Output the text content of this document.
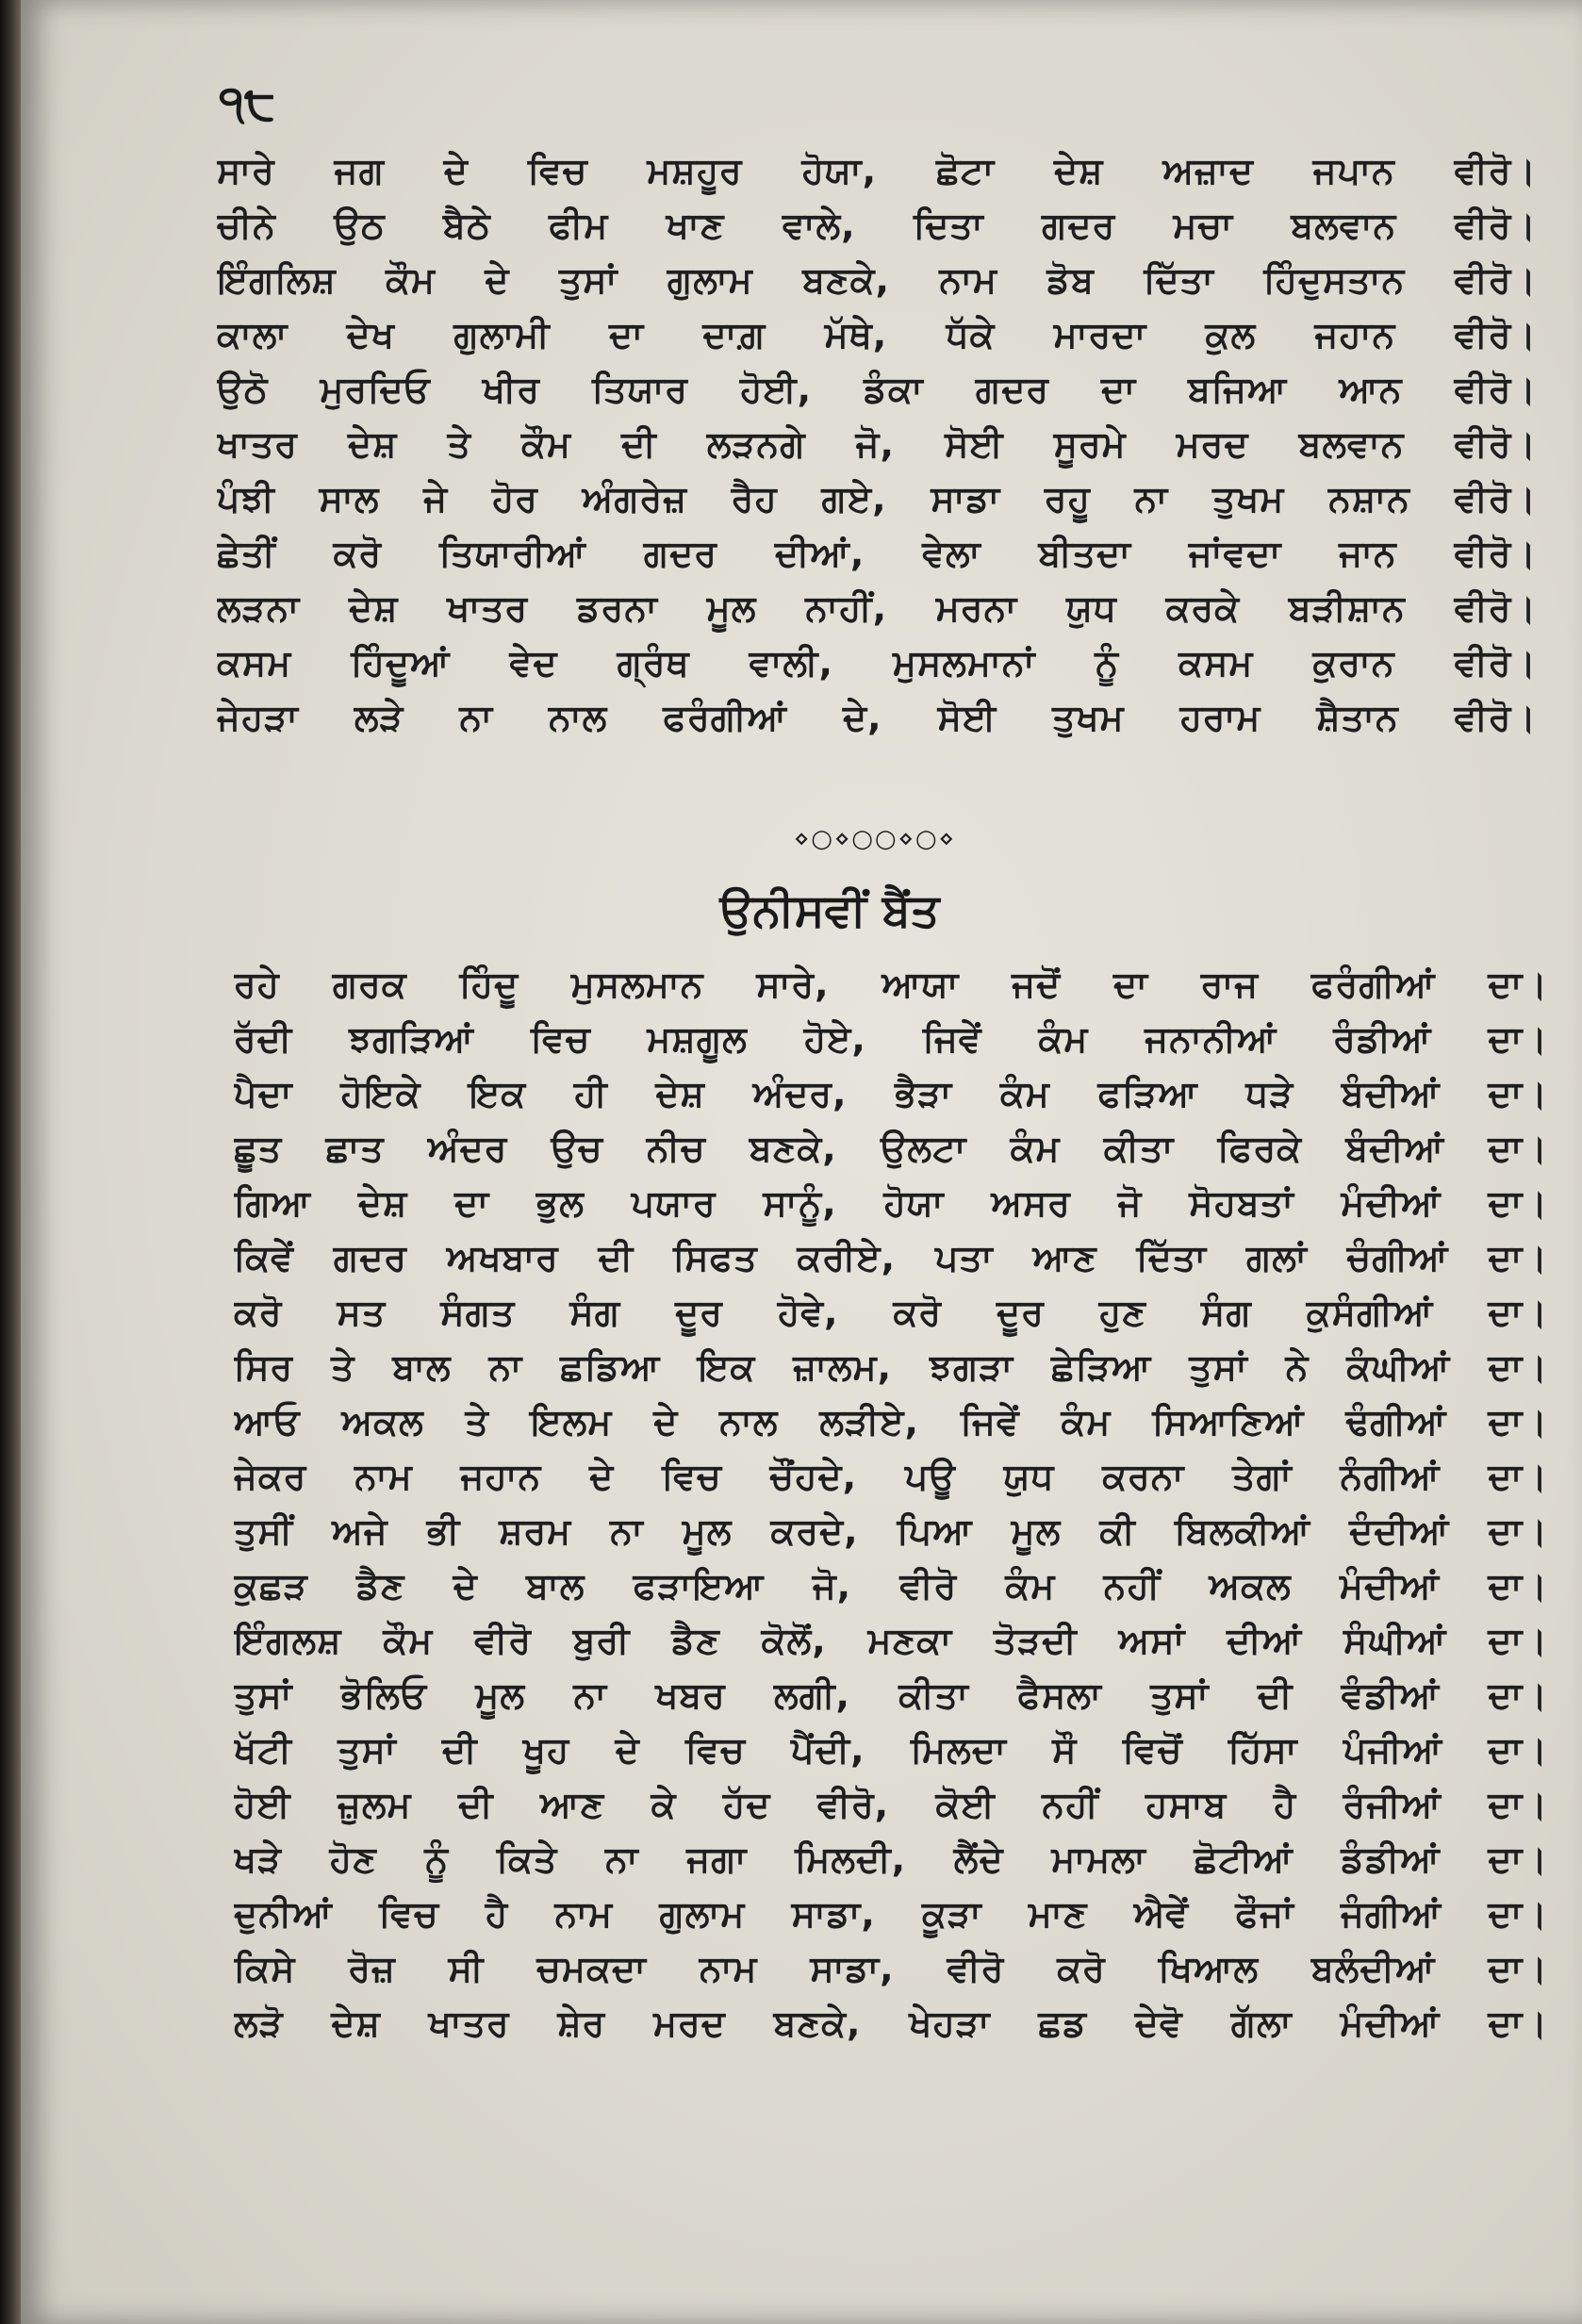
੧੮
ਸਾਰੇ ਜਗ ਦੇ ਵਿਚ ਮਸ਼ਹੂਰ ਹੋਯਾ, ਛੋਟਾ ਦੇਸ਼ ਅਜ਼ਾਦ ਜਪਾਨ ਵੀਰੋ।
ਚੀਨੇ ਉਠ ਬੈਠੇ ਫੀਮ ਖਾਣ ਵਾਲੇ, ਦਿਤਾ ਗਦਰ ਮਚਾ ਬਲਵਾਨ ਵੀਰੋ।
ਇੰਗਲਿਸ਼ ਕੌਮ ਦੇ ਤੁਸਾਂ ਗੁਲਾਮ ਬਣਕੇ, ਨਾਮ ਡੋਬ ਦਿੱਤਾ ਹਿੰਦੁਸਤਾਨ ਵੀਰੋ।
ਕਾਲਾ ਦੇਖ ਗੁਲਾਮੀ ਦਾ ਦਾਗ਼ ਮੱਥੇ, ਧੱਕੇ ਮਾਰਦਾ ਕੁਲ ਜਹਾਨ ਵੀਰੋ।
ਉਠੋ ਮੁਰਦਿਓ ਖੀਰ ਤਿਯਾਰ ਹੋਈ, ਡੰਕਾ ਗਦਰ ਦਾ ਬਜਿਆ ਆਨ ਵੀਰੋ।
ਖਾਤਰ ਦੇਸ਼ ਤੇ ਕੌਮ ਦੀ ਲੜਨਗੇ ਜੋ, ਸੋਈ ਸੂਰਮੇ ਮਰਦ ਬਲਵਾਨ ਵੀਰੋ।
ਪੰਝੀ ਸਾਲ ਜੇ ਹੋਰ ਅੰਗਰੇਜ਼ ਰੈਹ ਗਏ, ਸਾਡਾ ਰਹੂ ਨਾ ਤੁਖਮ ਨਸ਼ਾਨ ਵੀਰੋ।
ਛੇਤੀਂ ਕਰੋ ਤਿਯਾਰੀਆਂ ਗਦਰ ਦੀਆਂ, ਵੇਲਾ ਬੀਤਦਾ ਜਾਂਵਦਾ ਜਾਨ ਵੀਰੋ।
ਲੜਨਾ ਦੇਸ਼ ਖਾਤਰ ਡਰਨਾ ਮੂਲ ਨਾਹੀਂ, ਮਰਨਾ ਯੁਧ ਕਰਕੇ ਬੜੀਸ਼ਾਨ ਵੀਰੋ।
ਕਸਮ ਹਿੰਦੂਆਂ ਵੇਦ ਗ੍ਰੰਥ ਵਾਲੀ, ਮੁਸਲਮਾਨਾਂ ਨੂੰ ਕਸਮ ਕੁਰਾਨ ਵੀਰੋ।
ਜੇਹੜਾ ਲੜੇ ਨਾ ਨਾਲ ਫਰੰਗੀਆਂ ਦੇ, ਸੋਈ ਤੁਖਮ ਹਰਾਮ ਸ਼ੈਤਾਨ ਵੀਰੋ।
⋄○⋄○○⋄○⋄
ਉਨੀਸਵੀਂ ਬੈਂਤ
ਰਹੇ ਗਰਕ ਹਿੰਦੂ ਮੁਸਲਮਾਨ ਸਾਰੇ, ਆਯਾ ਜਦੋਂ ਦਾ ਰਾਜ ਫਰੰਗੀਆਂ ਦਾ।
ਰੱਦੀ ਝਗੜਿਆਂ ਵਿਚ ਮਸ਼ਗੂਲ ਹੋਏ, ਜਿਵੇਂ ਕੰਮ ਜਨਾਨੀਆਂ ਰੰਡੀਆਂ ਦਾ।
ਪੈਦਾ ਹੋਇਕੇ ਇਕ ਹੀ ਦੇਸ਼ ਅੰਦਰ, ਭੈੜਾ ਕੰਮ ਫੜਿਆ ਧੜੇ ਬੰਦੀਆਂ ਦਾ।
ਛੂਤ ਛਾਤ ਅੰਦਰ ਉਚ ਨੀਚ ਬਣਕੇ, ਉਲਟਾ ਕੰਮ ਕੀਤਾ ਫਿਰਕੇ ਬੰਦੀਆਂ ਦਾ।
ਗਿਆ ਦੇਸ਼ ਦਾ ਭੁਲ ਪਯਾਰ ਸਾਨੂੰ, ਹੋਯਾ ਅਸਰ ਜੋ ਸੋਹਬਤਾਂ ਮੰਦੀਆਂ ਦਾ।
ਕਿਵੇਂ ਗਦਰ ਅਖਬਾਰ ਦੀ ਸਿਫਤ ਕਰੀਏ, ਪਤਾ ਆਣ ਦਿੱਤਾ ਗਲਾਂ ਚੰਗੀਆਂ ਦਾ।
ਕਰੋ ਸਤ ਸੰਗਤ ਸੰਗ ਦੂਰ ਹੋਵੇ, ਕਰੋ ਦੂਰ ਹੁਣ ਸੰਗ ਕੁਸੰਗੀਆਂ ਦਾ।
ਸਿਰ ਤੇ ਬਾਲ ਨਾ ਛਡਿਆ ਇਕ ਜ਼ਾਲਮ, ਝਗੜਾ ਛੇੜਿਆ ਤੁਸਾਂ ਨੇ ਕੰਘੀਆਂ ਦਾ।
ਆਓ ਅਕਲ ਤੇ ਇਲਮ ਦੇ ਨਾਲ ਲੜੀਏ, ਜਿਵੇਂ ਕੰਮ ਸਿਆਣਿਆਂ ਢੰਗੀਆਂ ਦਾ।
ਜੇਕਰ ਨਾਮ ਜਹਾਨ ਦੇ ਵਿਚ ਚੌਂਹਦੇ, ਪਊ ਯੁਧ ਕਰਨਾ ਤੇਗਾਂ ਨੰਗੀਆਂ ਦਾ।
ਤੁਸੀਂ ਅਜੇ ਭੀ ਸ਼ਰਮ ਨਾ ਮੂਲ ਕਰਦੇ, ਪਿਆ ਮੂਲ ਕੀ ਬਿਲਕੀਆਂ ਦੰਦੀਆਂ ਦਾ।
ਕੁਛੜ ਡੈਣ ਦੇ ਬਾਲ ਫੜਾਇਆ ਜੋ, ਵੀਰੋ ਕੰਮ ਨਹੀਂ ਅਕਲ ਮੰਦੀਆਂ ਦਾ।
ਇੰਗਲਸ਼ ਕੌਮ ਵੀਰੋ ਬੁਰੀ ਡੈਣ ਕੋਲੋਂ, ਮਣਕਾ ਤੋੜਦੀ ਅਸਾਂ ਦੀਆਂ ਸੰਘੀਆਂ ਦਾ।
ਤੁਸਾਂ ਭੋਲਿਓ ਮੂਲ ਨਾ ਖਬਰ ਲਗੀ, ਕੀਤਾ ਫੈਸਲਾ ਤੁਸਾਂ ਦੀ ਵੰਡੀਆਂ ਦਾ।
ਖੱਟੀ ਤੁਸਾਂ ਦੀ ਖੂਹ ਦੇ ਵਿਚ ਪੈਂਦੀ, ਮਿਲਦਾ ਸੌ ਵਿਚੋਂ ਹਿੱਸਾ ਪੰਜੀਆਂ ਦਾ।
ਹੋਈ ਜ਼ੁਲਮ ਦੀ ਆਣ ਕੇ ਹੱਦ ਵੀਰੋ, ਕੋਈ ਨਹੀਂ ਹਸਾਬ ਹੈ ਰੰਜੀਆਂ ਦਾ।
ਖੜੇ ਹੋਣ ਨੂੰ ਕਿਤੇ ਨਾ ਜਗਾ ਮਿਲਦੀ, ਲੈਂਦੇ ਮਾਮਲਾ ਛੋਟੀਆਂ ਡੰਡੀਆਂ ਦਾ।
ਦੁਨੀਆਂ ਵਿਚ ਹੈ ਨਾਮ ਗੁਲਾਮ ਸਾਡਾ, ਕੂੜਾ ਮਾਣ ਐਵੇਂ ਫੌਜਾਂ ਜੰਗੀਆਂ ਦਾ।
ਕਿਸੇ ਰੋਜ਼ ਸੀ ਚਮਕਦਾ ਨਾਮ ਸਾਡਾ, ਵੀਰੋ ਕਰੋ ਖਿਆਲ ਬਲੰਦੀਆਂ ਦਾ।
ਲੜੋ ਦੇਸ਼ ਖਾਤਰ ਸ਼ੇਰ ਮਰਦ ਬਣਕੇ, ਖੇਹੜਾ ਛਡ ਦੇਵੋ ਗੱਲਾ ਮੰਦੀਆਂ ਦਾ।
